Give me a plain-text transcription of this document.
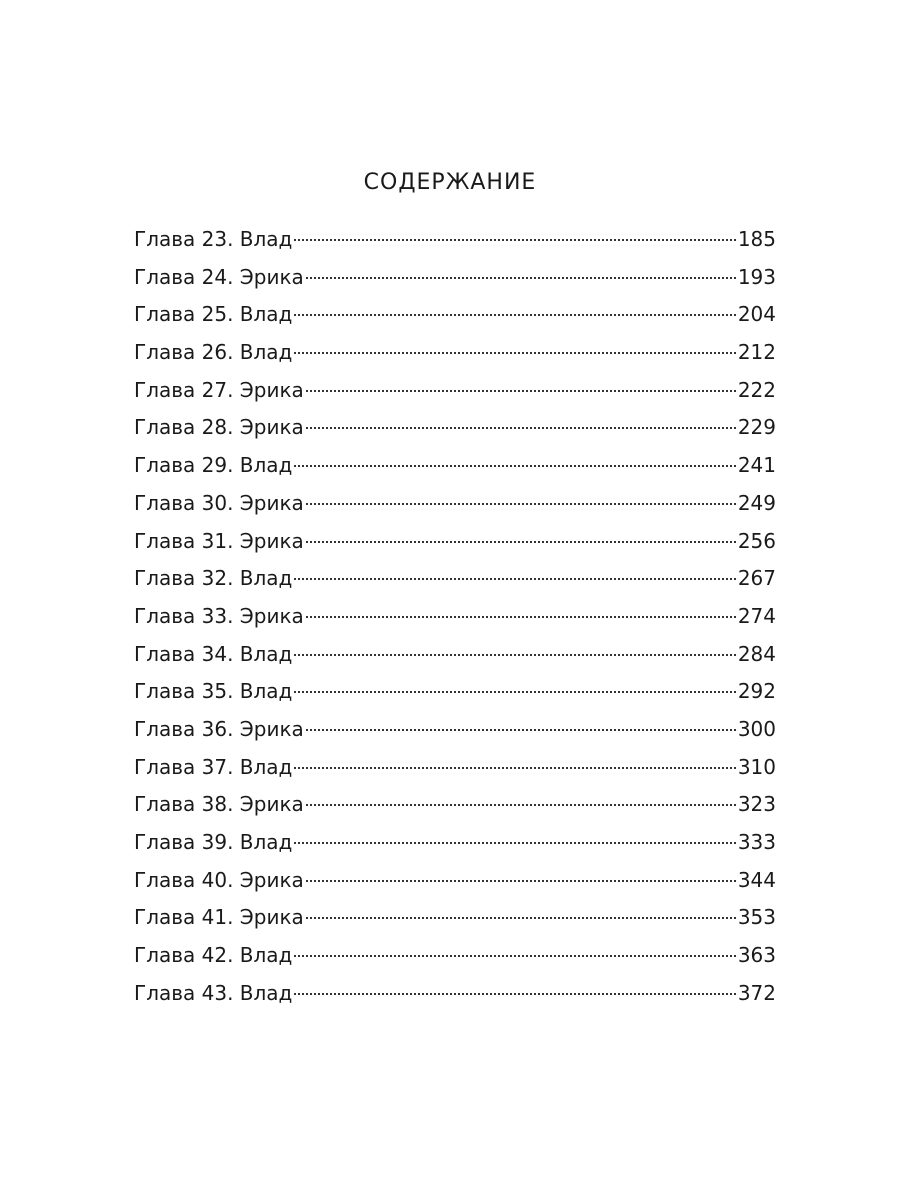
СОДЕРЖАНИЕ
Глава 23. Влад	185
Глава 24. Эрика	193
Глава 25. Влад	204
Глава 26. Влад	212
Глава 27. Эрика	222
Глава 28. Эрика	229
Глава 29. Влад	241
Глава 30. Эрика	249
Глава 31. Эрика	256
Глава 32. Влад	267
Глава 33. Эрика	274
Глава 34. Влад	284
Глава 35. Влад	292
Глава 36. Эрика	300
Глава 37. Влад	310
Глава 38. Эрика	323
Глава 39. Влад	333
Глава 40. Эрика	344
Глава 41. Эрика	353
Глава 42. Влад	363
Глава 43. Влад	372
